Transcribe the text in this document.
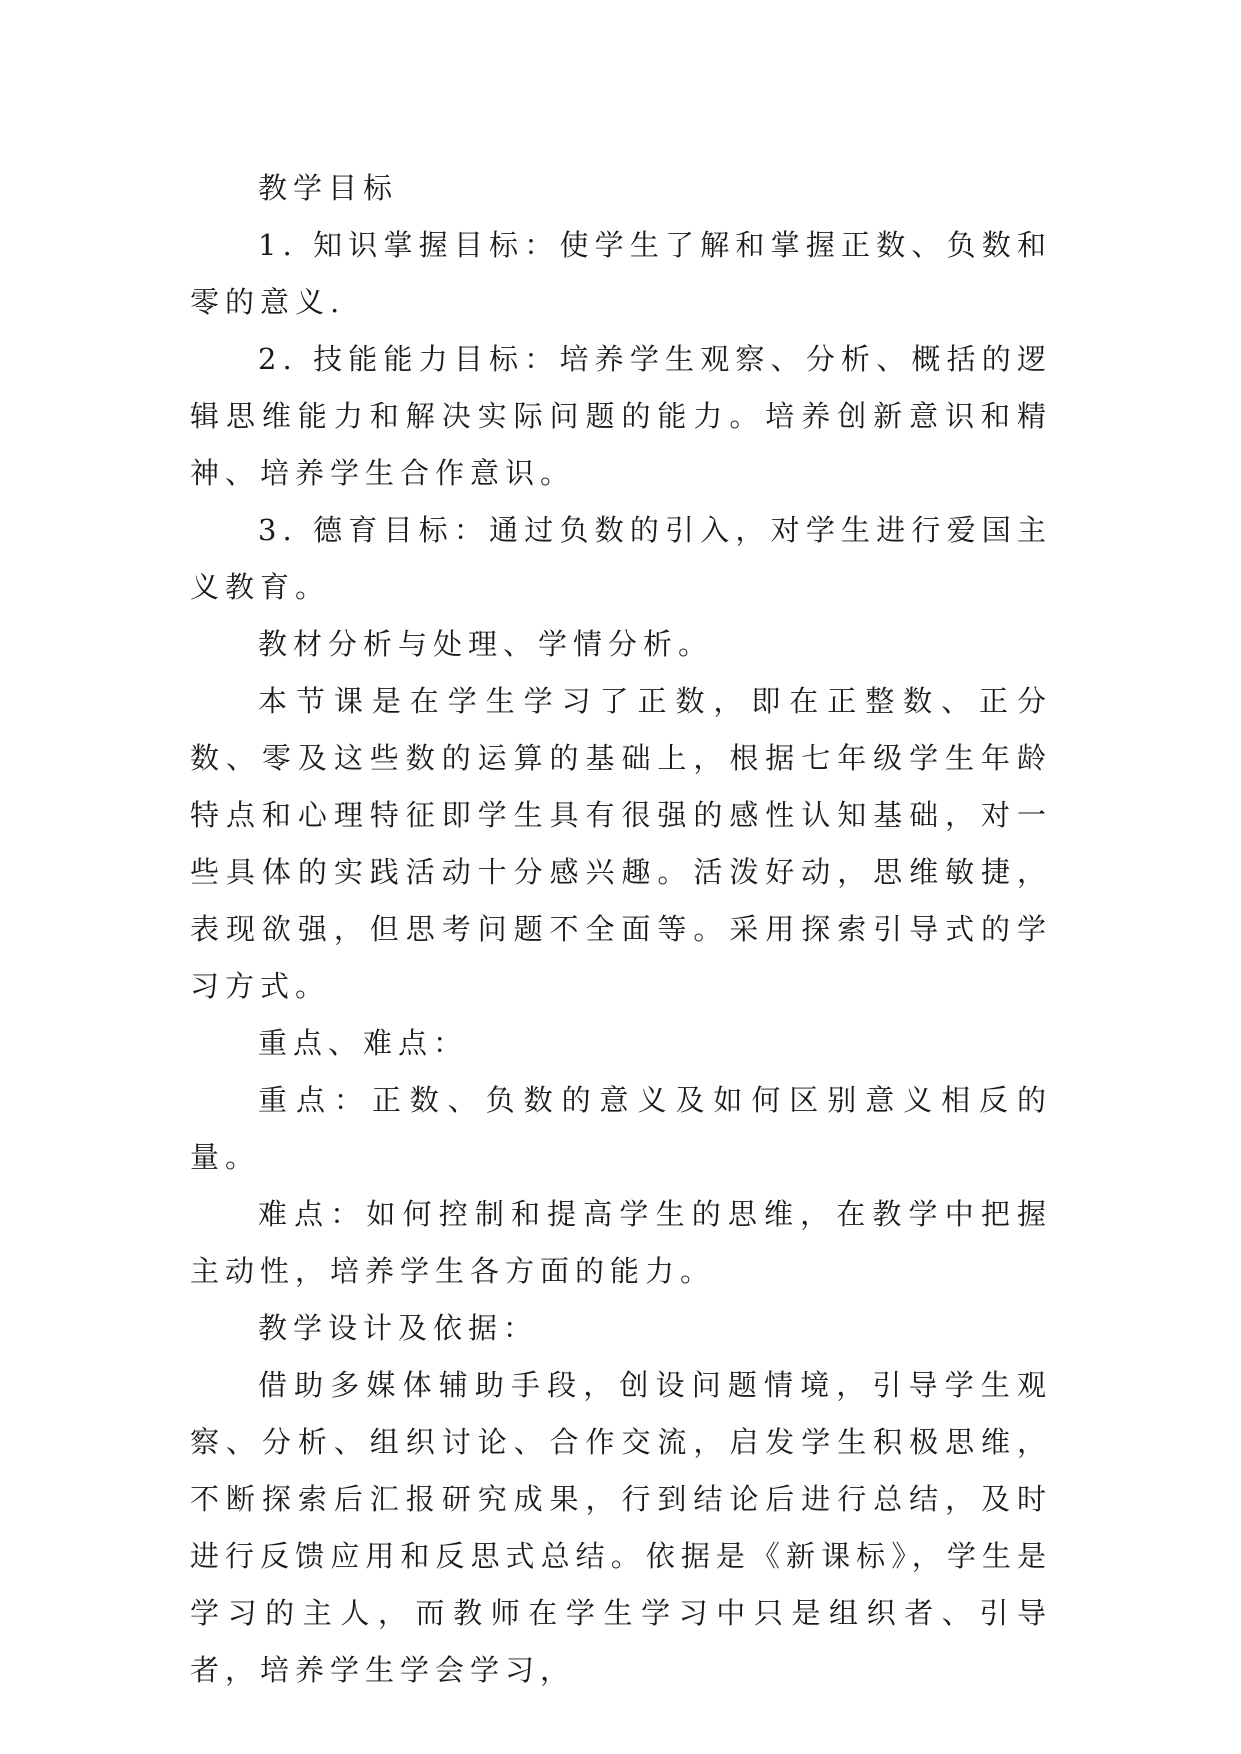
教学目标

1. 知识掌握目标：使学生了解和掌握正数、负数和零的意义.

2. 技能能力目标：培养学生观察、分析、概括的逻辑思维能力和解决实际问题的能力。培养创新意识和精神、培养学生合作意识。

3. 德育目标：通过负数的引入，对学生进行爱国主义教育。

教材分析与处理、学情分析。

本节课是在学生学习了正数，即在正整数、正分数、零及这些数的运算的基础上，根据七年级学生年龄特点和心理特征即学生具有很强的感性认知基础，对一些具体的实践活动十分感兴趣。活泼好动，思维敏捷，表现欲强，但思考问题不全面等。采用探索引导式的学习方式。

重点、难点：

重点：正数、负数的意义及如何区别意义相反的量。

难点：如何控制和提高学生的思维，在教学中把握主动性，培养学生各方面的能力。

教学设计及依据：

借助多媒体辅助手段，创设问题情境，引导学生观察、分析、组织讨论、合作交流，启发学生积极思维，不断探索后汇报研究成果，行到结论后进行总结，及时进行反馈应用和反思式总结。依据是《新课标》，学生是学习的主人，而教师在学生学习中只是组织者、引导者，培养学生学会学习，
